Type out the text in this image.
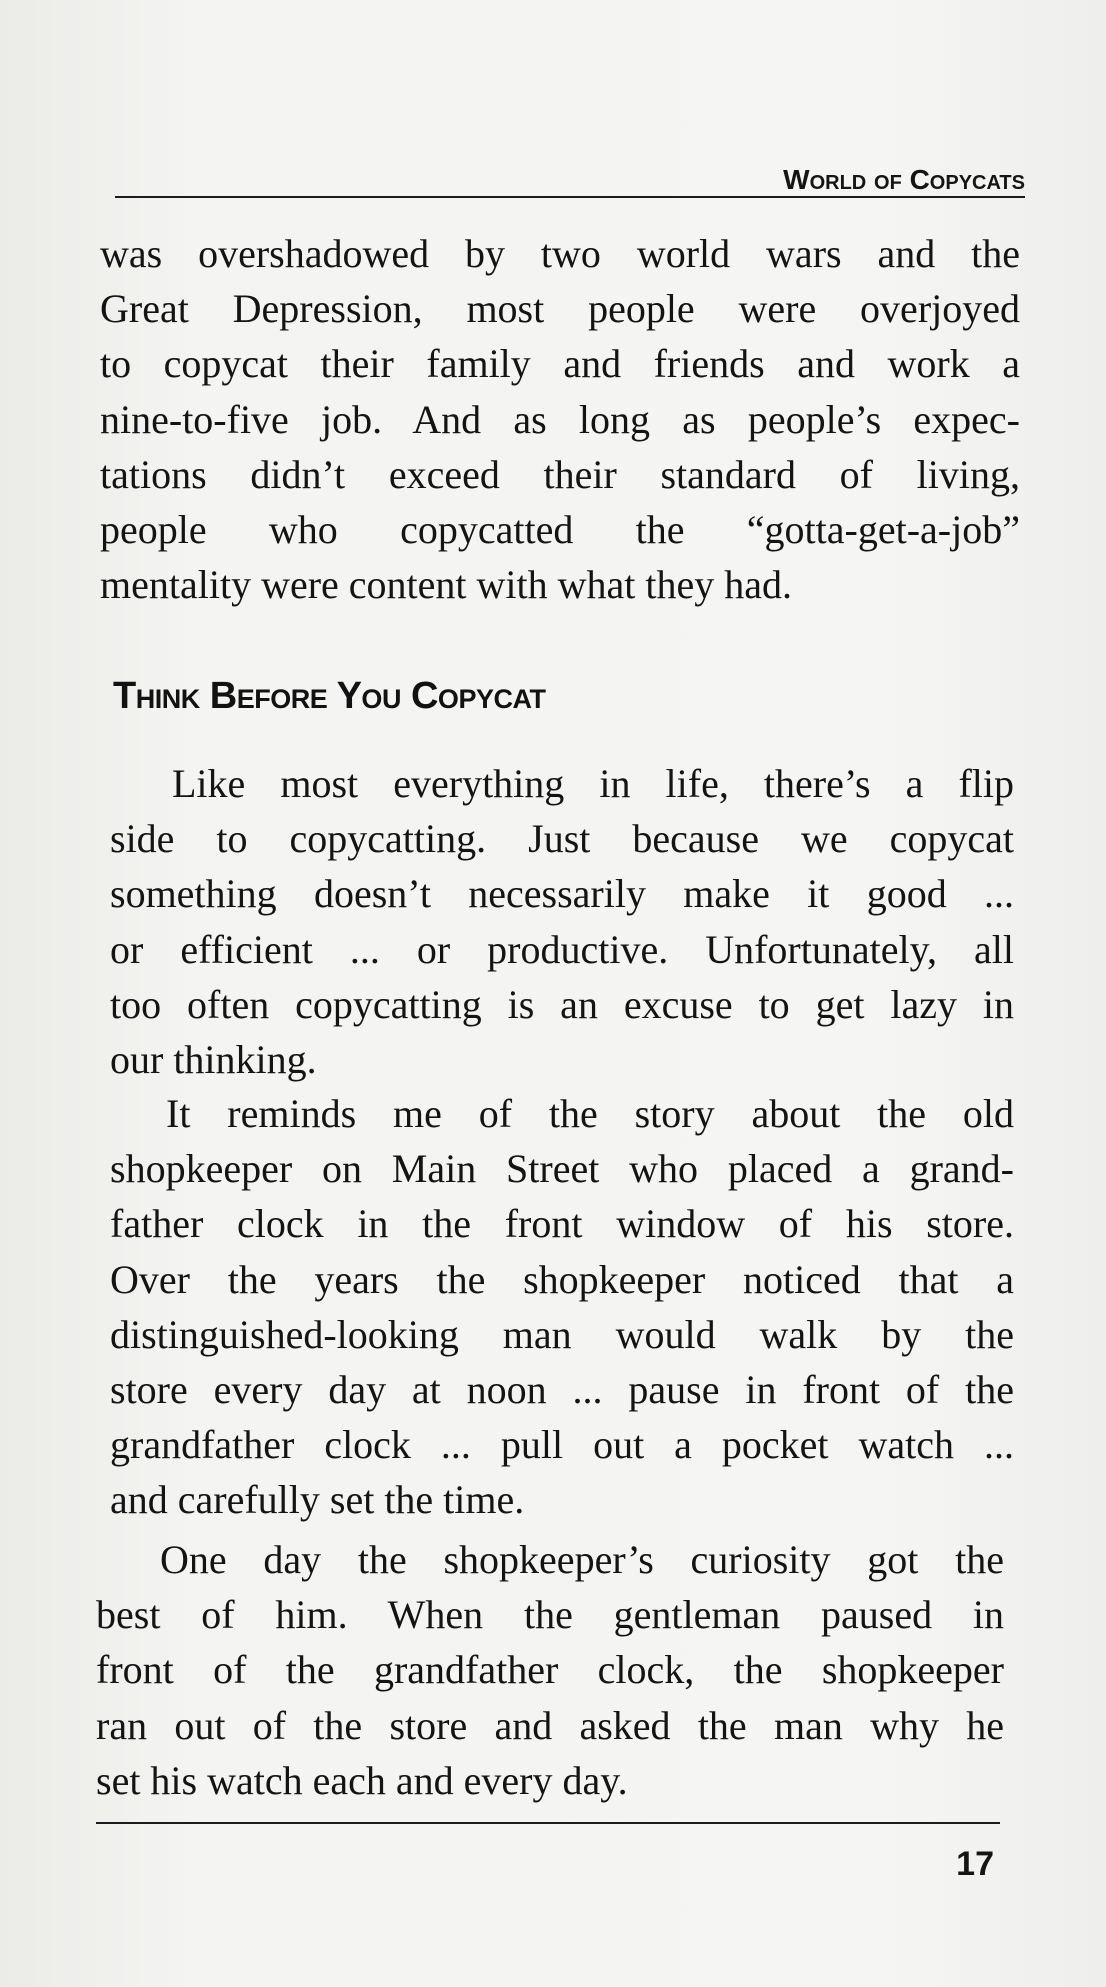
World of Copycats
was overshadowed by two world wars and the
Great Depression, most people were overjoyed
to copycat their family and friends and work a
nine-to-five job. And as long as people’s expec-
tations didn’t exceed their standard of living,
people who copycatted the “gotta-get-a-job”
mentality were content with what they had.
Think Before You Copycat
Like most everything in life, there’s a flip
side to copycatting. Just because we copycat
something doesn’t necessarily make it good ...
or efficient ... or productive. Unfortunately, all
too often copycatting is an excuse to get lazy in
our thinking.
It reminds me of the story about the old
shopkeeper on Main Street who placed a grand-
father clock in the front window of his store.
Over the years the shopkeeper noticed that a
distinguished-looking man would walk by the
store every day at noon ... pause in front of the
grandfather clock ... pull out a pocket watch ...
and carefully set the time.
One day the shopkeeper’s curiosity got the
best of him. When the gentleman paused in
front of the grandfather clock, the shopkeeper
ran out of the store and asked the man why he
set his watch each and every day.
17
